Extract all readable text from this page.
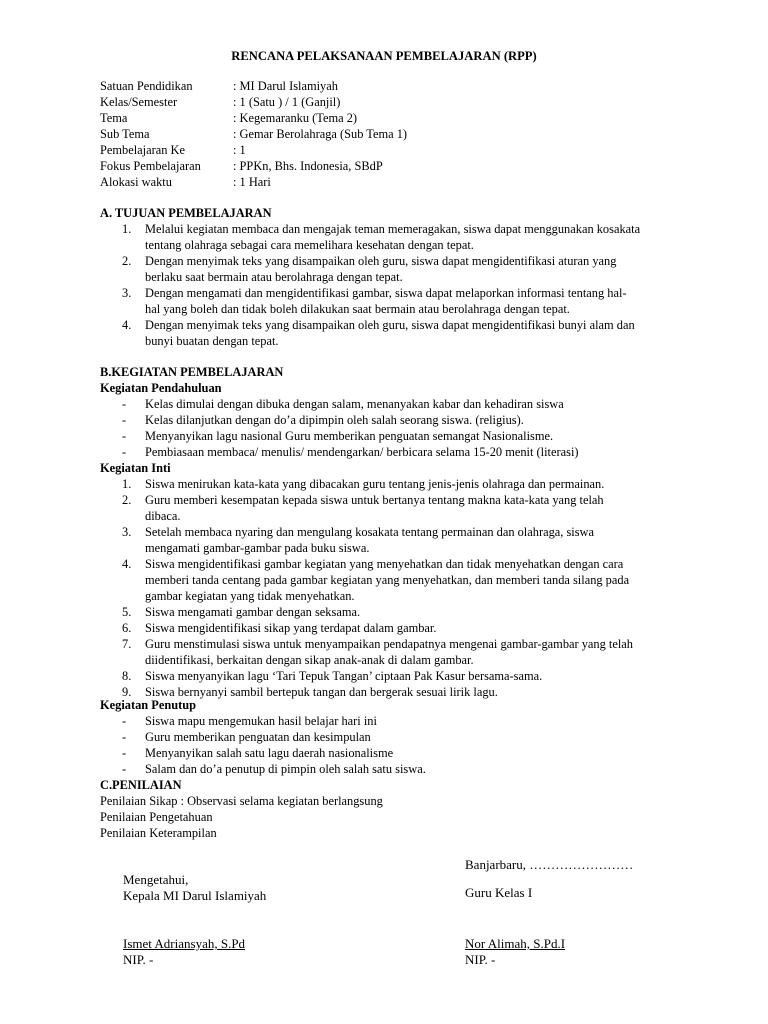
RENCANA PELAKSANAAN PEMBELAJARAN (RPP)
Satuan Pendidikan	: MI Darul Islamiyah
Kelas/Semester	: 1 (Satu ) / 1 (Ganjil)
Tema	: Kegemaranku (Tema 2)
Sub Tema	: Gemar Berolahraga (Sub Tema 1)
Pembelajaran Ke	: 1
Fokus Pembelajaran	: PPKn, Bhs. Indonesia, SBdP
Alokasi waktu	: 1 Hari
A. TUJUAN PEMBELAJARAN
1.	Melalui kegiatan membaca dan mengajak teman memeragakan, siswa dapat menggunakan kosakata
tentang olahraga sebagai cara memelihara kesehatan dengan tepat.
2.	Dengan menyimak teks yang disampaikan oleh guru, siswa dapat mengidentifikasi aturan yang
berlaku saat bermain atau berolahraga dengan tepat.
3.	Dengan mengamati dan mengidentifikasi gambar, siswa dapat melaporkan informasi tentang hal-
hal yang boleh dan tidak boleh dilakukan saat bermain atau berolahraga dengan tepat.
4.	Dengan menyimak teks yang disampaikan oleh guru, siswa dapat mengidentifikasi bunyi alam dan
bunyi buatan dengan tepat.
B.KEGIATAN PEMBELAJARAN
Kegiatan Pendahuluan
-	Kelas dimulai dengan dibuka dengan salam, menanyakan kabar dan kehadiran siswa
-	Kelas dilanjutkan dengan do’a dipimpin oleh salah seorang siswa. (religius).
-	Menyanyikan lagu nasional Guru memberikan penguatan semangat Nasionalisme.
-	Pembiasaan membaca/ menulis/ mendengarkan/ berbicara selama 15-20 menit (literasi)
Kegiatan Inti
1.	Siswa menirukan kata-kata yang dibacakan guru tentang jenis-jenis olahraga dan permainan.
2.	Guru memberi kesempatan kepada siswa untuk bertanya tentang makna kata-kata yang telah
dibaca.
3.	Setelah membaca nyaring dan mengulang kosakata tentang permainan dan olahraga, siswa
mengamati gambar-gambar pada buku siswa.
4.	Siswa mengidentifikasi gambar kegiatan yang menyehatkan dan tidak menyehatkan dengan cara
memberi tanda centang pada gambar kegiatan yang menyehatkan, dan memberi tanda silang pada
gambar kegiatan yang tidak menyehatkan.
5.	Siswa mengamati gambar dengan seksama.
6.	Siswa mengidentifikasi sikap yang terdapat dalam gambar.
7.	Guru menstimulasi siswa untuk menyampaikan pendapatnya mengenai gambar-gambar yang telah
diidentifikasi, berkaitan dengan sikap anak-anak di dalam gambar.
8.	Siswa menyanyikan lagu ‘Tari Tepuk Tangan’ ciptaan Pak Kasur bersama-sama.
9.	Siswa bernyanyi sambil bertepuk tangan dan bergerak sesuai lirik lagu.
Kegiatan Penutup
-	Siswa mapu mengemukan hasil belajar hari ini
-	Guru memberikan penguatan dan kesimpulan
-	Menyanyikan salah satu lagu daerah nasionalisme
-	Salam dan do’a penutup di pimpin oleh salah satu siswa.
C.PENILAIAN
Penilaian Sikap : Observasi selama kegiatan berlangsung
Penilaian Pengetahuan
Penilaian Keterampilan
Mengetahui,
Kepala MI Darul Islamiyah
Ismet Adriansyah, S.Pd
NIP. -
Banjarbaru, ……………………
Guru Kelas I
Nor Alimah, S.Pd.I
NIP. -
